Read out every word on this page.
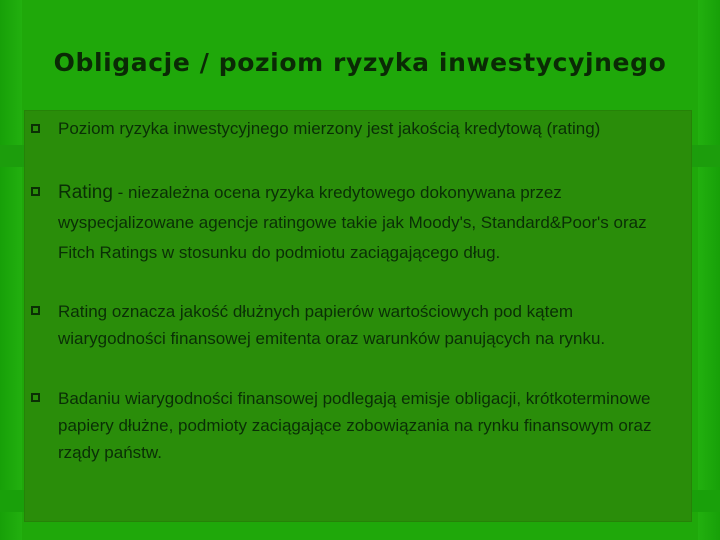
Obligacje / poziom ryzyka inwestycyjnego
Poziom ryzyka inwestycyjnego mierzony jest jakością kredytową (rating)
Rating - niezależna ocena ryzyka kredytowego dokonywana przez wyspecjalizowane agencje ratingowe takie jak Moody's, Standard&Poor's oraz Fitch Ratings w stosunku do podmiotu zaciągającego dług.
Rating oznacza jakość dłużnych papierów wartościowych pod kątem wiarygodności finansowej emitenta oraz warunków panujących na rynku.
Badaniu wiarygodności finansowej podlegają emisje obligacji, krótkoterminowe papiery dłużne, podmioty zaciągające zobowiązania na rynku finansowym oraz rządy państw.
